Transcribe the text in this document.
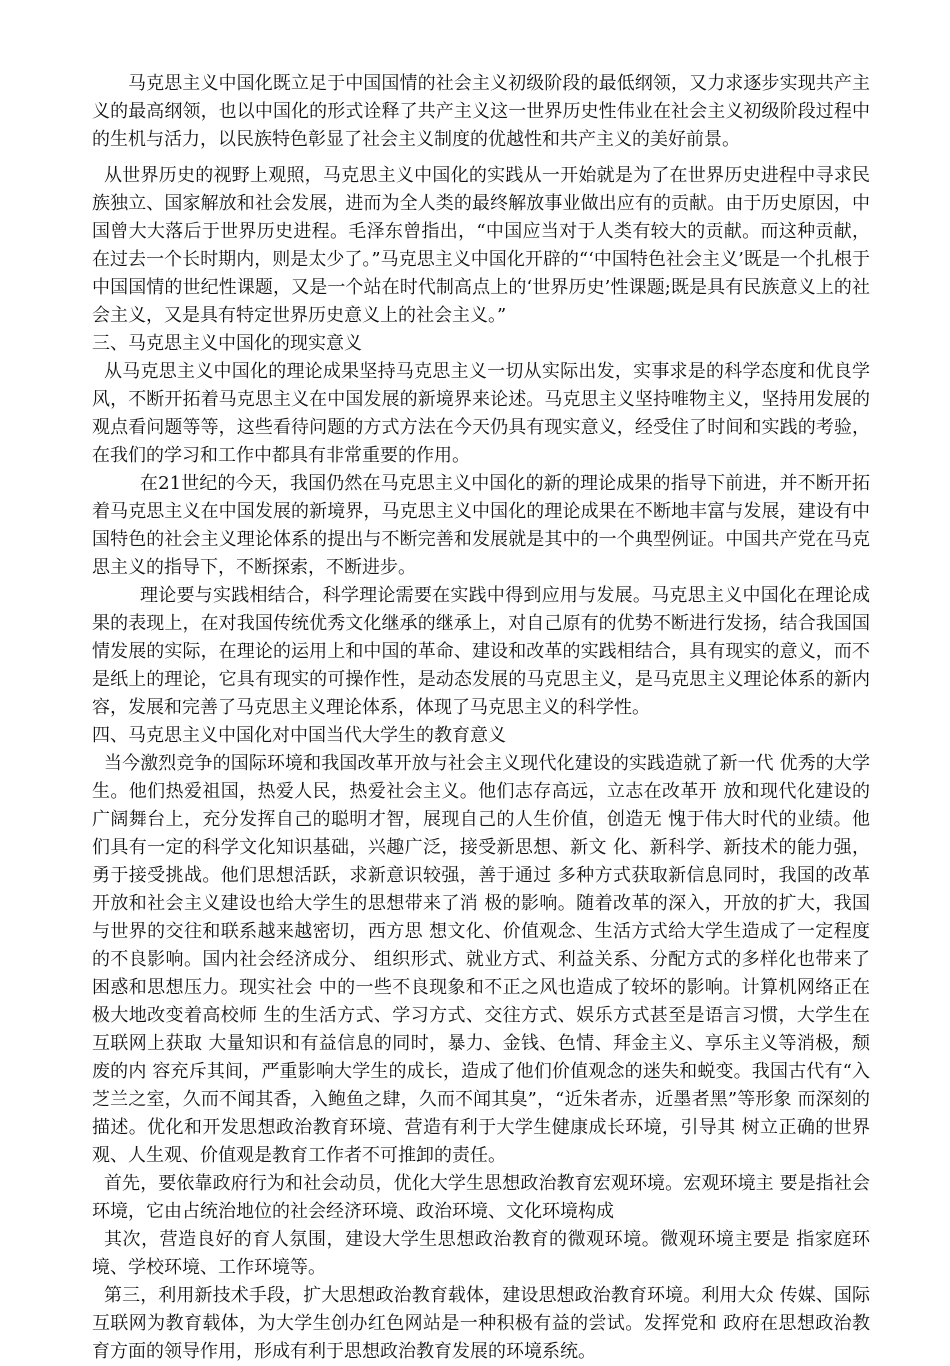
马克思主义中国化既立足于中国国情的社会主义初级阶段的最低纲领，又力求逐步实现共产主义的最高纲领，也以中国化的形式诠释了共产主义这一世界历史性伟业在社会主义初级阶段过程中的生机与活力，以民族特色彰显了社会主义制度的优越性和共产主义的美好前景。

从世界历史的视野上观照，马克思主义中国化的实践从一开始就是为了在世界历史进程中寻求民族独立、国家解放和社会发展，进而为全人类的最终解放事业做出应有的贡献。由于历史原因，中国曾大大落后于世界历史进程。毛泽东曾指出，“中国应当对于人类有较大的贡献。而这种贡献，在过去一个长时期内，则是太少了。”马克思主义中国化开辟的“‘中国特色社会主义’既是一个扎根于中国国情的世纪性课题，又是一个站在时代制高点上的‘世界历史’性课题;既是具有民族意义上的社会主义，又是具有特定世界历史意义上的社会主义。”

三、马克思主义中国化的现实意义

从马克思主义中国化的理论成果坚持马克思主义一切从实际出发，实事求是的科学态度和优良学风，不断开拓着马克思主义在中国发展的新境界来论述。马克思主义坚持唯物主义，坚持用发展的观点看问题等等，这些看待问题的方式方法在今天仍具有现实意义，经受住了时间和实践的考验，在我们的学习和工作中都具有非常重要的作用。

在21世纪的今天，我国仍然在马克思主义中国化的新的理论成果的指导下前进，并不断开拓着马克思主义在中国发展的新境界，马克思主义中国化的理论成果在不断地丰富与发展，建设有中国特色的社会主义理论体系的提出与不断完善和发展就是其中的一个典型例证。中国共产党在马克思主义的指导下，不断探索，不断进步。

理论要与实践相结合，科学理论需要在实践中得到应用与发展。马克思主义中国化在理论成果的表现上，在对我国传统优秀文化继承的继承上，对自己原有的优势不断进行发扬，结合我国国情发展的实际，在理论的运用上和中国的革命、建设和改革的实践相结合，具有现实的意义，而不是纸上的理论，它具有现实的可操作性，是动态发展的马克思主义，是马克思主义理论体系的新内容，发展和完善了马克思主义理论体系，体现了马克思主义的科学性。

四、马克思主义中国化对中国当代大学生的教育意义

当今激烈竞争的国际环境和我国改革开放与社会主义现代化建设的实践造就了新一代 优秀的大学生。他们热爱祖国，热爱人民，热爱社会主义。他们志存高远，立志在改革开 放和现代化建设的广阔舞台上，充分发挥自己的聪明才智，展现自己的人生价值，创造无 愧于伟大时代的业绩。他们具有一定的科学文化知识基础，兴趣广泛，接受新思想、新文 化、新科学、新技术的能力强，勇于接受挑战。他们思想活跃，求新意识较强，善于通过 多种方式获取新信息同时，我国的改革开放和社会主义建设也给大学生的思想带来了消 极的影响。随着改革的深入，开放的扩大，我国与世界的交往和联系越来越密切，西方思 想文化、价值观念、生活方式给大学生造成了一定程度的不良影响。国内社会经济成分、 组织形式、就业方式、利益关系、分配方式的多样化也带来了困惑和思想压力。现实社会 中的一些不良现象和不正之风也造成了较坏的影响。计算机网络正在极大地改变着高校师 生的生活方式、学习方式、交往方式、娱乐方式甚至是语言习惯，大学生在互联网上获取 大量知识和有益信息的同时，暴力、金钱、色情、拜金主义、享乐主义等消极，颓废的内 容充斥其间，严重影响大学生的成长，造成了他们价值观念的迷失和蜕变。我国古代有“入 芝兰之室，久而不闻其香，入鲍鱼之肆，久而不闻其臭”，“近朱者赤，近墨者黑”等形象 而深刻的描述。优化和开发思想政治教育环境、营造有利于大学生健康成长环境，引导其 树立正确的世界观、人生观、价值观是教育工作者不可推卸的责任。

首先，要依靠政府行为和社会动员，优化大学生思想政治教育宏观环境。宏观环境主 要是指社会环境，它由占统治地位的社会经济环境、政治环境、文化环境构成

其次，营造良好的育人氛围，建设大学生思想政治教育的微观环境。微观环境主要是 指家庭环境、学校环境、工作环境等。

第三，利用新技术手段，扩大思想政治教育载体，建设思想政治教育环境。利用大众 传媒、国际互联网为教育载体，为大学生创办红色网站是一种积极有益的尝试。发挥党和 政府在思想政治教育方面的领导作用，形成有利于思想政治教育发展的环境系统。
